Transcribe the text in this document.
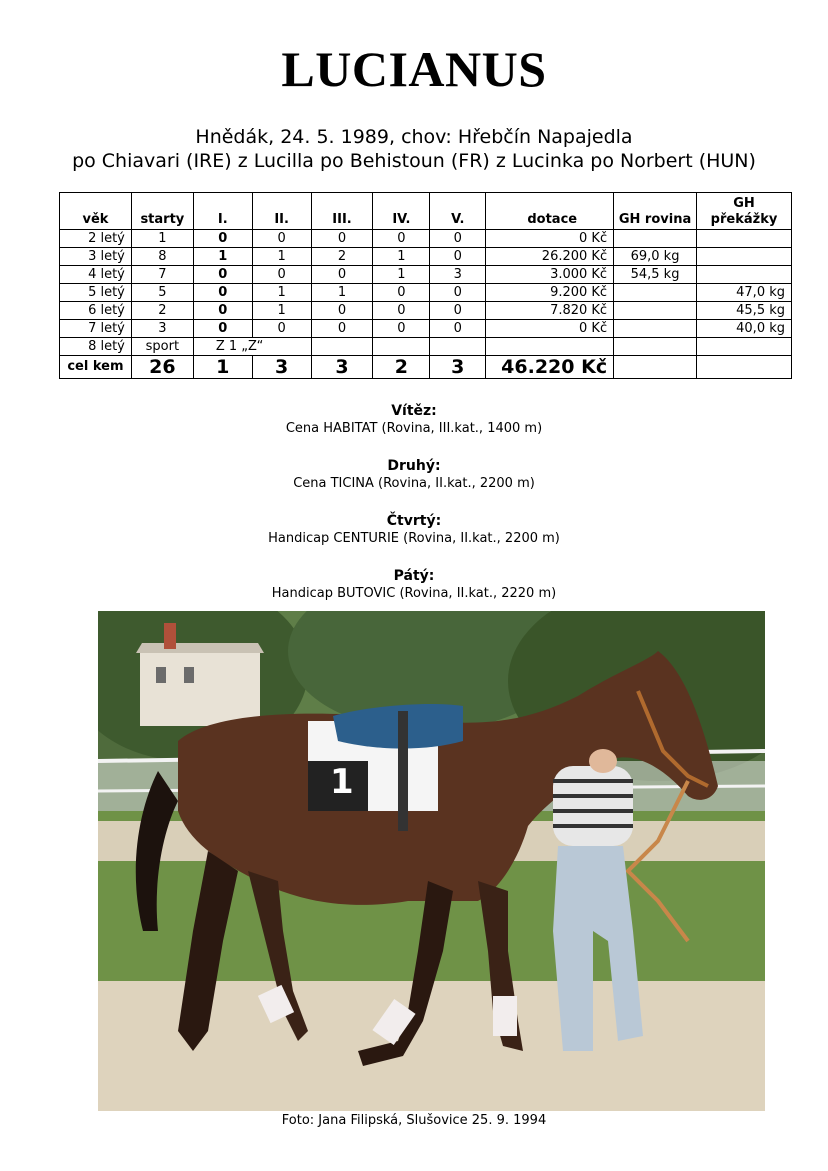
LUCIANUS
Hnědák, 24. 5. 1989, chov: Hřebčín Napajedla
po Chiavari (IRE) z Lucilla po Behistoun (FR) z Lucinka po Norbert (HUN)
věk	starty	I.	II.	III.	IV.	V.	dotace	GH rovina	GH překážky
2 letý	1	0	0	0	0	0	0 Kč		
3 letý	8	1	1	2	1	0	26.200 Kč	69,0 kg	
4 letý	7	0	0	0	1	3	3.000 Kč	54,5 kg	
5 letý	5	0	1	1	0	0	9.200 Kč		47,0 kg
6 letý	2	0	1	0	0	0	7.820 Kč		45,5 kg
7 letý	3	0	0	0	0	0	0 Kč		40,0 kg
8 letý	sport	Z 1 „Z“							
cel kem	26	1	3	3	2	3	46.220 Kč		
Vítěz:
Cena HABITAT (Rovina, III.kat., 1400 m)
Druhý:
Cena TICINA (Rovina, II.kat., 2200 m)
Čtvrtý:
Handicap CENTURIE (Rovina, II.kat., 2200 m)
Pátý:
Handicap BUTOVIC (Rovina, II.kat., 2220 m)
1
Foto: Jana Filipská, Slušovice 25. 9. 1994
